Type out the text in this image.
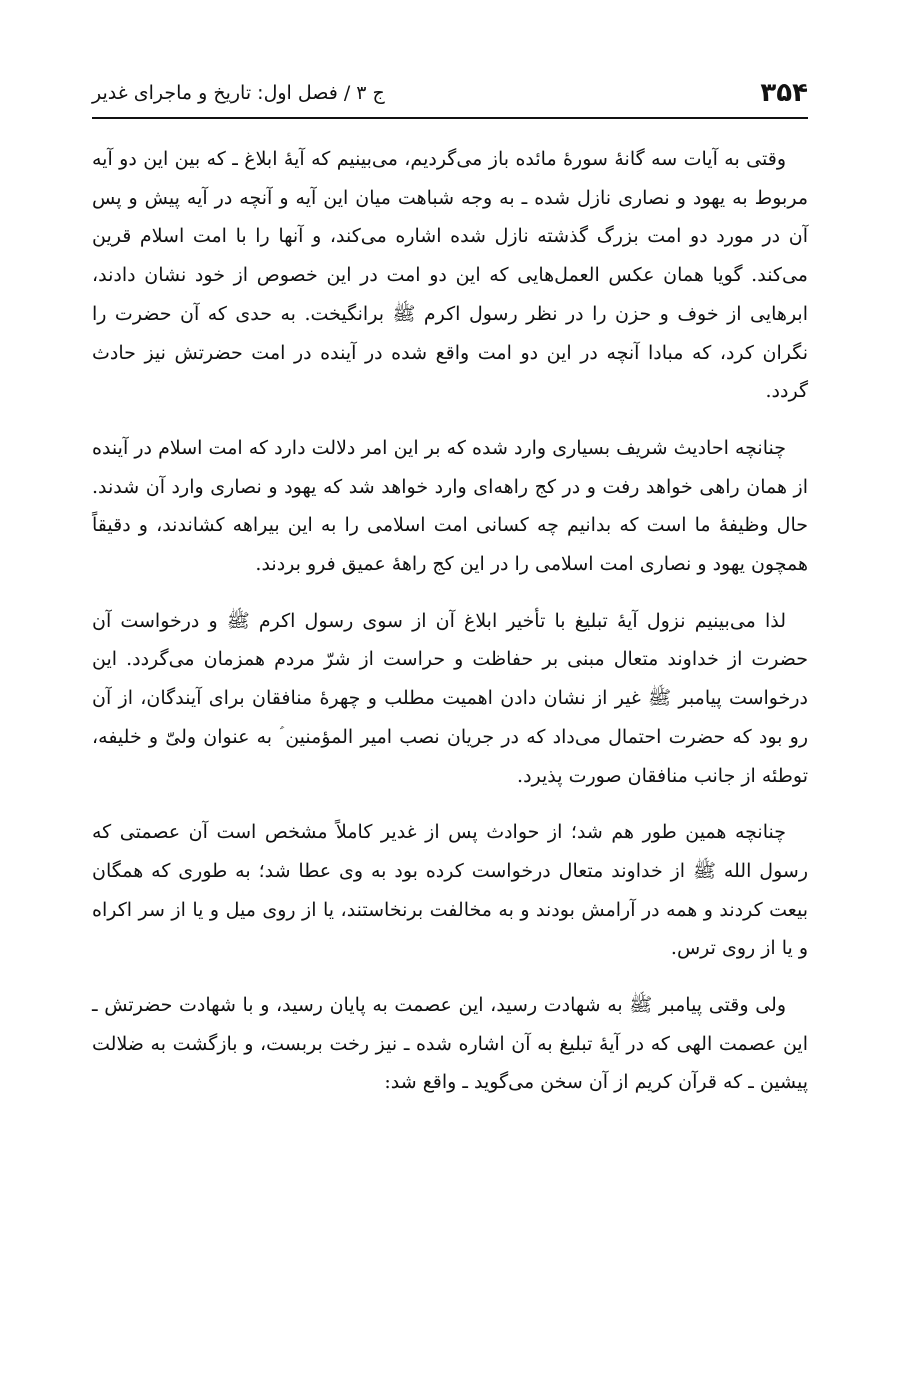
۳۵۴
ج ۳ / فصل اول: تاریخ و ماجرای غدیر

وقتی به آیات سه گانهٔ سورهٔ مائده باز می‌گردیم، می‌بینیم که آیهٔ ابلاغ ـ که بین این دو آیه مربوط به یهود و نصاری نازل شده ـ به وجه شباهت میان این آیه و آنچه در آیه پیش و پس آن در مورد دو امت بزرگ گذشته نازل شده اشاره می‌کند، و آنها را با امت اسلام قرین می‌کند. گویا همان عکس العمل‌هایی که این دو امت در این خصوص از خود نشان دادند، ابرهایی از خوف و حزن را در نظر رسول اکرم ﷺ برانگیخت. به حدی که آن حضرت را نگران کرد، که مبادا آنچه در این دو امت واقع شده در آینده در امت حضرتش نیز حادث گردد.

چنانچه احادیث شریف بسیاری وارد شده که بر این امر دلالت دارد که امت اسلام در آینده از همان راهی خواهد رفت و در کج راهه‌ای وارد خواهد شد که یهود و نصاری وارد آن شدند. حال وظیفهٔ ما است که بدانیم چه کسانی امت اسلامی را به این بیراهه کشاندند، و دقیقاً همچون یهود و نصاری امت اسلامی را در این کج راههٔ عمیق فرو بردند.

لذا می‌بینیم نزول آیهٔ تبلیغ با تأخیر ابلاغ آن از سوی رسول اکرم ﷺ و درخواست آن حضرت از خداوند متعال مبنی بر حفاظت و حراست از شرّ مردم همزمان می‌گردد. این درخواست پیامبر ﷺ غیر از نشان دادن اهمیت مطلب و چهرهٔ منافقان برای آیندگان، از آن رو بود که حضرت احتمال می‌داد که در جریان نصب امیر المؤمنین ؑ به عنوان ولیّ و خلیفه، توطئه از جانب منافقان صورت پذیرد.

چنانچه همین طور هم شد؛ از حوادث پس از غدیر کاملاً مشخص است آن عصمتی که رسول الله ﷺ از خداوند متعال درخواست کرده بود به وی عطا شد؛ به طوری که همگان بیعت کردند و همه در آرامش بودند و به مخالفت برنخاستند، یا از روی میل و یا از سر اکراه و یا از روی ترس.

ولی وقتی پیامبر ﷺ به شهادت رسید، این عصمت به پایان رسید، و با شهادت حضرتش ـ این عصمت الهی که در آیهٔ تبلیغ به آن اشاره شده ـ نیز رخت بربست، و بازگشت به ضلالت پیشین ـ که قرآن کریم از آن سخن می‌گوید ـ واقع شد:
